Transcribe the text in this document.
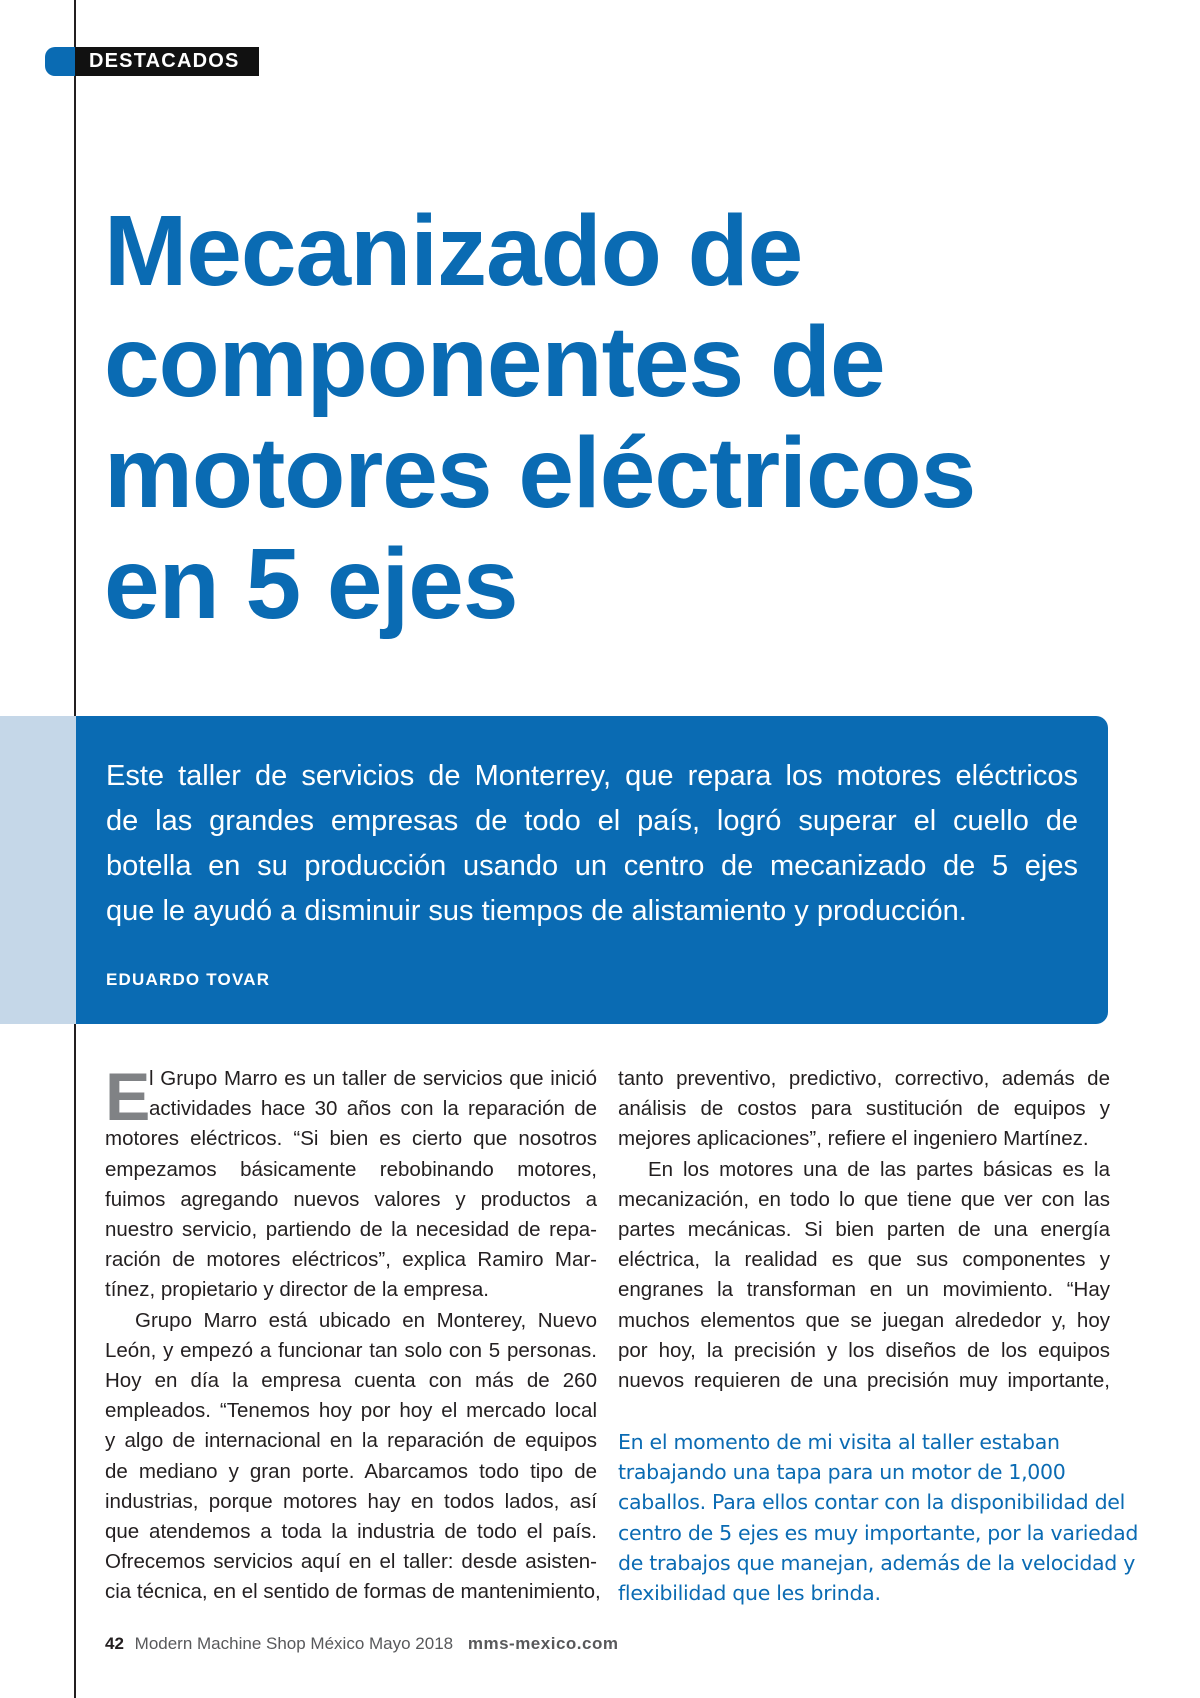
DESTACADOS
Mecanizado de
componentes de
motores eléctricos
en 5 ejes

Este taller de servicios de Monterrey, que repara los motores eléctricos
de las grandes empresas de todo el país, logró superar el cuello de
botella en su producción usando un centro de mecanizado de 5 ejes
que le ayudó a disminuir sus tiempos de alistamiento y producción.

EDUARDO TOVAR
E
l Grupo Marro es un taller de servicios que inició
actividades hace 30 años con la reparación de
motores eléctricos. “Si bien es cierto que nosotros
empezamos básicamente rebobinando motores,
fuimos agregando nuevos valores y productos a
nuestro servicio, partiendo de la necesidad de repa-
ración de motores eléctricos”, explica Ramiro Mar-
tínez, propietario y director de la empresa.
Grupo Marro está ubicado en Monterey, Nuevo
León, y empezó a funcionar tan solo con 5 personas.
Hoy en día la empresa cuenta con más de 260
empleados. “Tenemos hoy por hoy el mercado local
y algo de internacional en la reparación de equipos
de mediano y gran porte. Abarcamos todo tipo de
industrias, porque motores hay en todos lados, así
que atendemos a toda la industria de todo el país.
Ofrecemos servicios aquí en el taller: desde asisten-
cia técnica, en el sentido de formas de mantenimiento,
tanto preventivo, predictivo, correctivo, además de
análisis de costos para sustitución de equipos y
mejores aplicaciones”, refiere el ingeniero Martínez.
En los motores una de las partes básicas es la
mecanización, en todo lo que tiene que ver con las
partes mecánicas. Si bien parten de una energía
eléctrica, la realidad es que sus componentes y
engranes la transforman en un movimiento. “Hay
muchos elementos que se juegan alrededor y, hoy
por hoy, la precisión y los diseños de los equipos
nuevos requieren de una precisión muy importante,

En el momento de mi visita al taller estaban
trabajando una tapa para un motor de 1,000
caballos. Para ellos contar con la disponibilidad del
centro de 5 ejes es muy importante, por la variedad
de trabajos que manejan, además de la velocidad y
flexibilidad que les brinda.

42 Modern Machine Shop México Mayo 2018 mms-mexico.com
